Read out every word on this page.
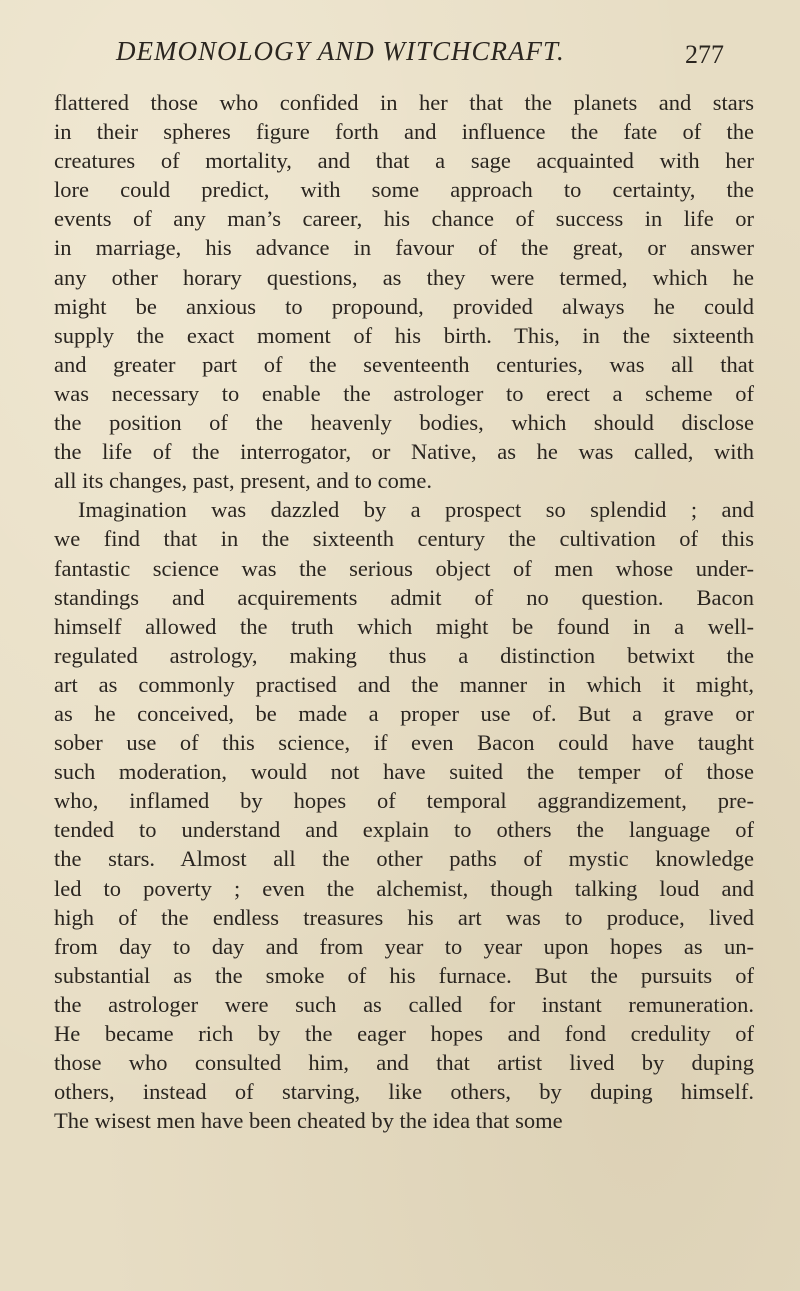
DEMONOLOGY AND WITCHCRAFT.	277
flattered those who confided in her that the planets and stars
in their spheres figure forth and influence the fate of the
creatures of mortality, and that a sage acquainted with her
lore could predict, with some approach to certainty, the
events of any man’s career, his chance of success in life or
in marriage, his advance in favour of the great, or answer
any other horary questions, as they were termed, which he
might be anxious to propound, provided always he could
supply the exact moment of his birth. This, in the sixteenth
and greater part of the seventeenth centuries, was all that
was necessary to enable the astrologer to erect a scheme of
the position of the heavenly bodies, which should disclose
the life of the interrogator, or Native, as he was called, with
all its changes, past, present, and to come.
Imagination was dazzled by a prospect so splendid ; and
we find that in the sixteenth century the cultivation of this
fantastic science was the serious object of men whose under-
standings and acquirements admit of no question. Bacon
himself allowed the truth which might be found in a well-
regulated astrology, making thus a distinction betwixt the
art as commonly practised and the manner in which it might,
as he conceived, be made a proper use of. But a grave or
sober use of this science, if even Bacon could have taught
such moderation, would not have suited the temper of those
who, inflamed by hopes of temporal aggrandizement, pre-
tended to understand and explain to others the language of
the stars. Almost all the other paths of mystic knowledge
led to poverty ; even the alchemist, though talking loud and
high of the endless treasures his art was to produce, lived
from day to day and from year to year upon hopes as un-
substantial as the smoke of his furnace. But the pursuits of
the astrologer were such as called for instant remuneration.
He became rich by the eager hopes and fond credulity of
those who consulted him, and that artist lived by duping
others, instead of starving, like others, by duping himself.
The wisest men have been cheated by the idea that some
